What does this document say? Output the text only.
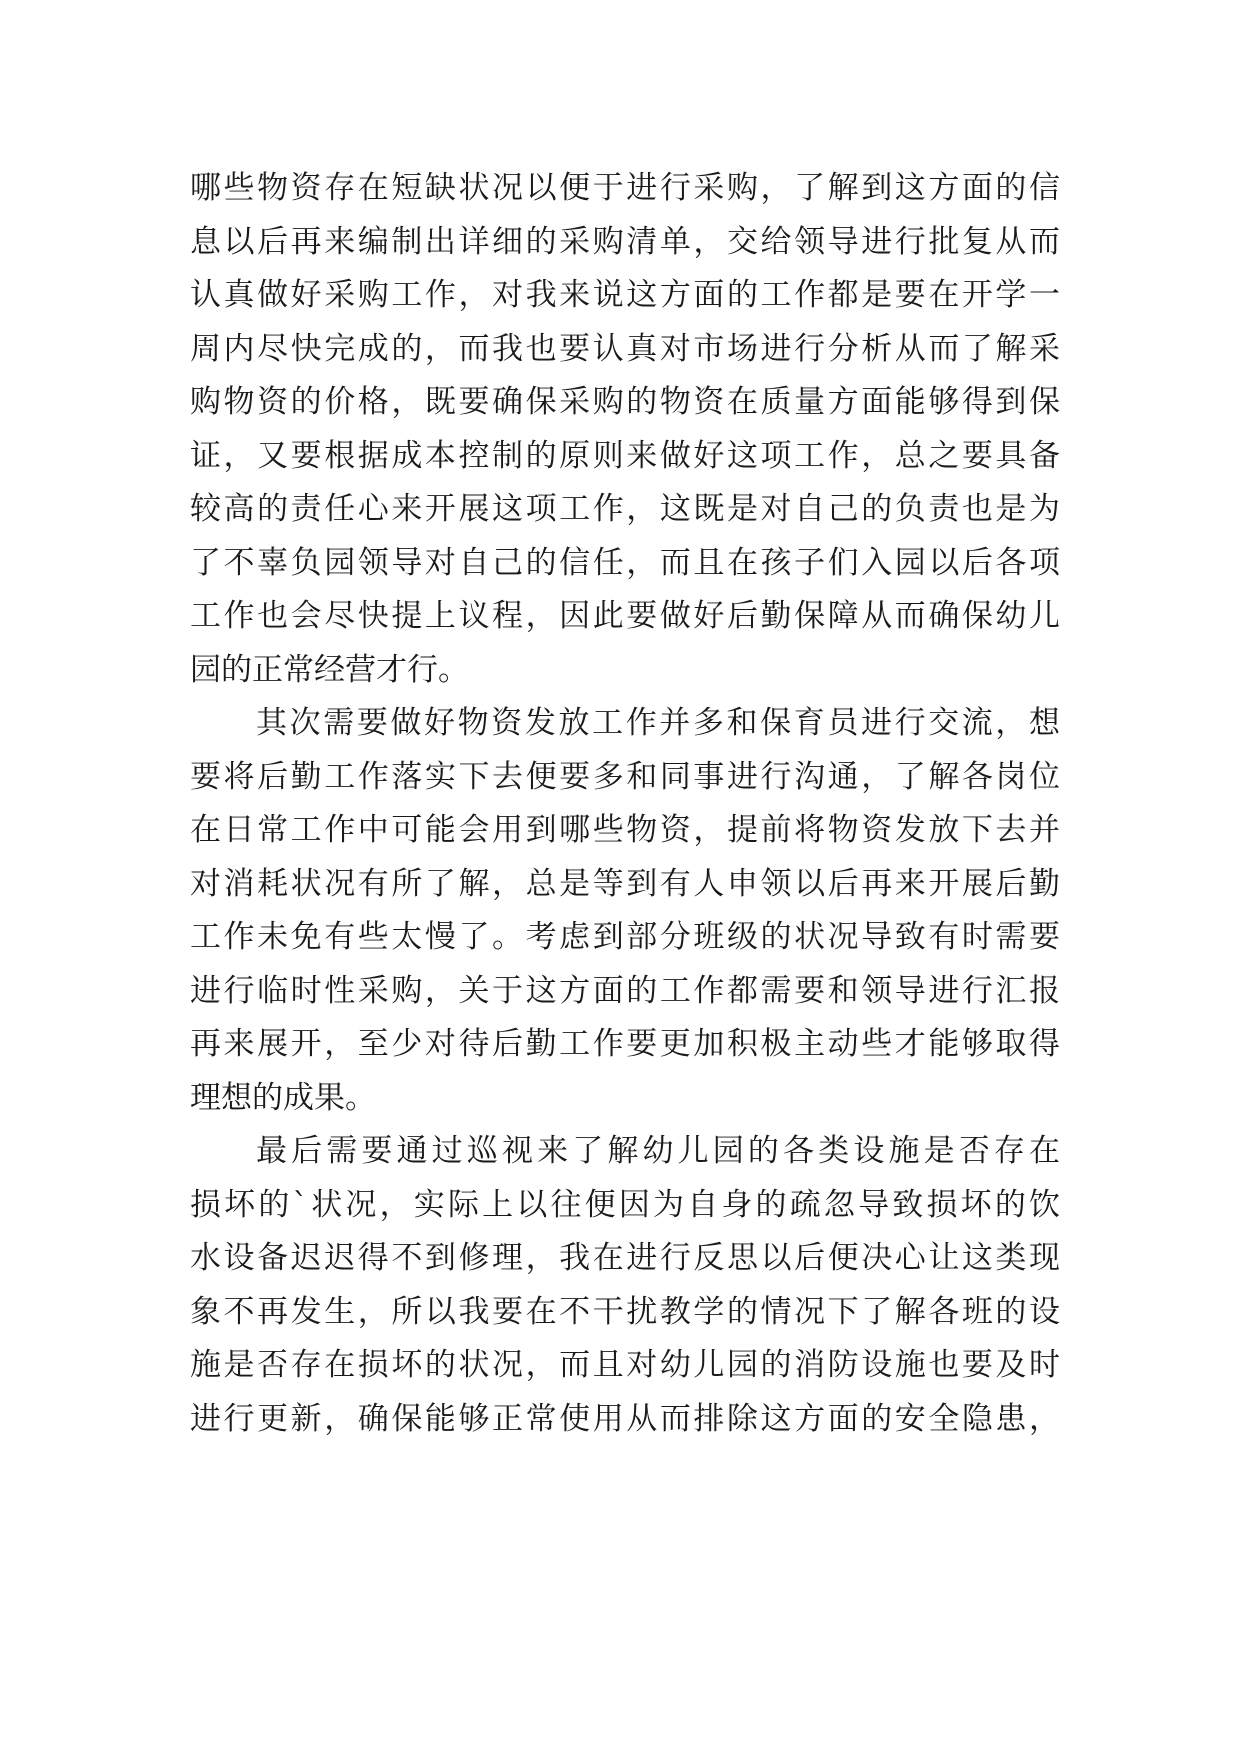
哪些物资存在短缺状况以便于进行采购，了解到这方面的信
息以后再来编制出详细的采购清单，交给领导进行批复从而
认真做好采购工作，对我来说这方面的工作都是要在开学一
周内尽快完成的，而我也要认真对市场进行分析从而了解采
购物资的价格，既要确保采购的物资在质量方面能够得到保
证，又要根据成本控制的原则来做好这项工作，总之要具备
较高的责任心来开展这项工作，这既是对自己的负责也是为
了不辜负园领导对自己的信任，而且在孩子们入园以后各项
工作也会尽快提上议程，因此要做好后勤保障从而确保幼儿
园的正常经营才行。
其次需要做好物资发放工作并多和保育员进行交流，想
要将后勤工作落实下去便要多和同事进行沟通，了解各岗位
在日常工作中可能会用到哪些物资，提前将物资发放下去并
对消耗状况有所了解，总是等到有人申领以后再来开展后勤
工作未免有些太慢了。考虑到部分班级的状况导致有时需要
进行临时性采购，关于这方面的工作都需要和领导进行汇报
再来展开，至少对待后勤工作要更加积极主动些才能够取得
理想的成果。
最后需要通过巡视来了解幼儿园的各类设施是否存在
损坏的`状况，实际上以往便因为自身的疏忽导致损坏的饮
水设备迟迟得不到修理，我在进行反思以后便决心让这类现
象不再发生，所以我要在不干扰教学的情况下了解各班的设
施是否存在损坏的状况，而且对幼儿园的消防设施也要及时
进行更新，确保能够正常使用从而排除这方面的安全隐患，
